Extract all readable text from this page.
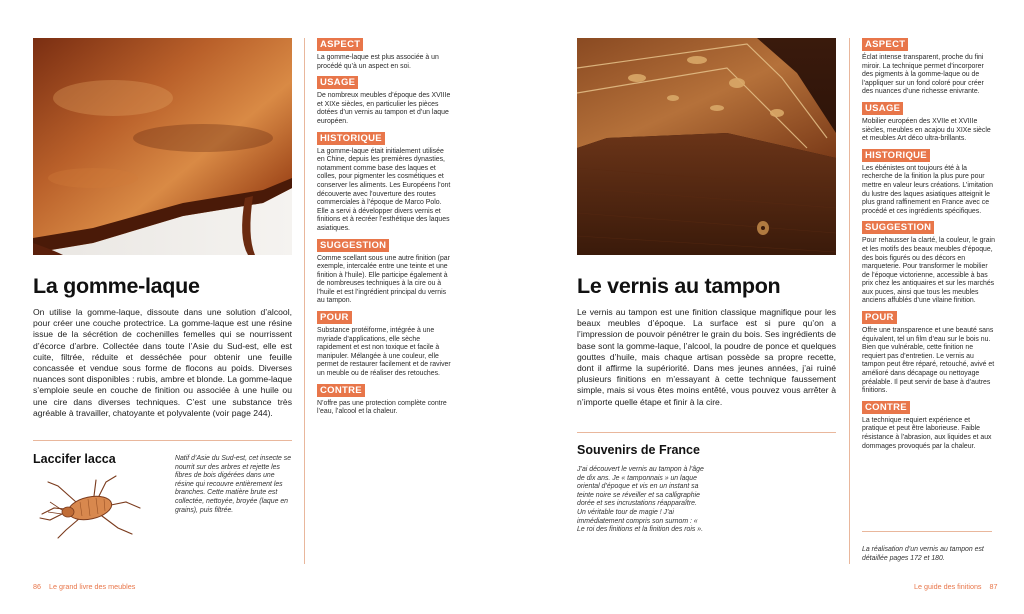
La gomme-laque

On utilise la gomme-laque, dissoute dans une solution d’alcool, pour créer une couche protectrice. La gomme-laque est une résine issue de la sécrétion de cochenilles femelles qui se nourrissent d’écorce d’arbre. Collectée dans toute l’Asie du Sud-est, elle est cuite, filtrée, réduite et desséchée pour obtenir une feuille concassée et vendue sous forme de flocons au poids. Diverses nuances sont disponibles : rubis, ambre et blonde. La gomme-laque s’emploie seule en couche de finition ou associée à une huile ou une cire dans diverses techniques. C’est une substance très agréable à travailler, chatoyante et polyvalente (voir page 244).

Laccifer lacca	Natif d’Asie du Sud-est, cet insecte se nourrit sur des arbres et rejette les fibres de bois digérées dans une résine qui recouvre entièrement les branches. Cette matière brute est collectée, nettoyée, broyée (laque en grains), puis filtrée.

ASPECT

La gomme-laque est plus associée à un procédé qu’à un aspect en soi.

USAGE

De nombreux meubles d’époque des XVIIIe et XIXe siècles, en particulier les pièces dotées d’un vernis au tampon et d’un laque européen.

HISTORIQUE

La gomme-laque était initialement utilisée en Chine, depuis les premières dynasties, notamment comme base des laques et colles, pour pigmenter les cosmétiques et conserver les aliments. Les Européens l’ont découverte avec l’ouverture des routes commerciales à l’époque de Marco Polo. Elle a servi à développer divers vernis et finitions et à recréer l’esthétique des laques asiatiques.

SUGGESTION

Comme scellant sous une autre finition (par exemple, intercalée entre une teinte et une finition à l’huile). Elle participe également à de nombreuses techniques à la cire ou à l’huile et est l’ingrédient principal du vernis au tampon.

POUR

Substance protéiforme, intégrée à une myriade d’applications, elle sèche rapidement et est non toxique et facile à manipuler. Mélangée à une couleur, elle permet de restaurer facilement et de raviver un meuble ou de réaliser des retouches.

CONTRE

N’offre pas une protection complète contre l’eau, l’alcool et la chaleur.

86 Le grand livre des meubles
Le vernis au tampon

Le vernis au tampon est une finition classique magnifique pour les beaux meubles d’époque. La surface est si pure qu’on a l’impression de pouvoir pénétrer le grain du bois. Ses ingrédients de base sont la gomme-laque, l’alcool, la poudre de ponce et quelques gouttes d’huile, mais chaque artisan possède sa propre recette, dont il affirme la supériorité. Dans mes jeunes années, j’ai ruiné plusieurs finitions en m’essayant à cette technique faussement simple, mais si vous êtes moins entêté, vous pouvez vous arrêter à n’importe quelle étape et finir à la cire.

Souvenirs de France

J’ai découvert le vernis au tampon à l’âge de dix ans. Je « tamponnais » un laque oriental d’époque et vis en un instant sa teinte noire se réveiller et sa calligraphie dorée et ses incrustations réapparaître. Un véritable tour de magie ! J’ai immédiatement compris son surnom : « Le roi des finitions et la finition des rois ».

ASPECT

Éclat intense transparent, proche du fini miroir. La technique permet d’incorporer des pigments à la gomme-laque ou de l’appliquer sur un fond coloré pour créer des nuances d’une richesse enivrante.

USAGE

Mobilier européen des XVIIe et XVIIIe siècles, meubles en acajou du XIXe siècle et meubles Art déco ultra-brillants.

HISTORIQUE

Les ébénistes ont toujours été à la recherche de la finition la plus pure pour mettre en valeur leurs créations. L’imitation du lustre des laques asiatiques atteignit le plus grand raffinement en France avec ce procédé et ces ingrédients spécifiques.

SUGGESTION

Pour rehausser la clarté, la couleur, le grain et les motifs des beaux meubles d’époque, des bois figurés ou des décors en marqueterie. Pour transformer le mobilier de l’époque victorienne, accessible à bas prix chez les antiquaires et sur les marchés aux puces, ainsi que tous les meubles anciens affublés d’une vilaine finition.

POUR

Offre une transparence et une beauté sans équivalent, tel un film d’eau sur le bois nu. Bien que vulnérable, cette finition ne requiert pas d’entretien. Le vernis au tampon peut être réparé, retouché, avivé et amélioré dans décapage ou nettoyage préalable. Il peut servir de base à d’autres finitions.

CONTRE

La technique requiert expérience et pratique et peut être laborieuse. Faible résistance à l’abrasion, aux liquides et aux dommages provoqués par la chaleur.

La réalisation d’un vernis au tampon est détaillée pages 172 et 180.

Le guide des finitions 87
